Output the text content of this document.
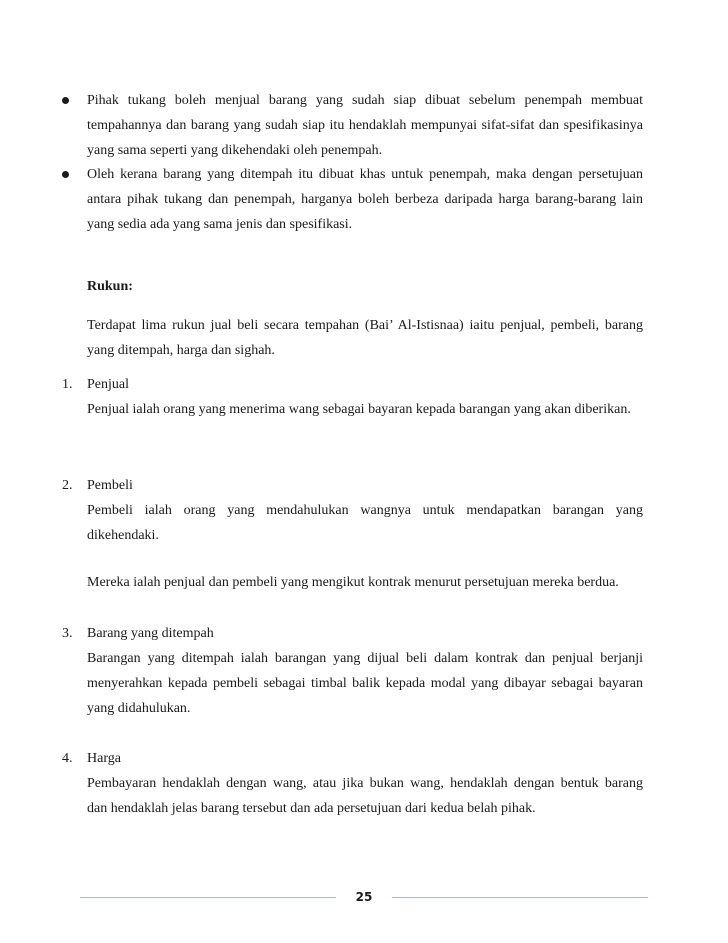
Pihak tukang boleh menjual barang yang sudah siap dibuat sebelum penempah membuat
tempahannya dan barang yang sudah siap itu hendaklah mempunyai sifat-sifat dan spesifikasinya
yang sama seperti yang dikehendaki oleh penempah.
Oleh kerana barang yang ditempah itu dibuat khas untuk penempah, maka dengan persetujuan
antara pihak tukang dan penempah, harganya boleh berbeza daripada harga barang-barang lain
yang sedia ada yang sama jenis dan spesifikasi.
Rukun:
Terdapat lima rukun jual beli secara tempahan (Bai’ Al-Istisnaa) iaitu penjual, pembeli, barang
yang ditempah, harga dan sighah.
1. Penjual
Penjual ialah orang yang menerima wang sebagai bayaran kepada barangan yang akan diberikan.
2. Pembeli
Pembeli ialah orang yang mendahulukan wangnya untuk mendapatkan barangan yang
dikehendaki.
Mereka ialah penjual dan pembeli yang mengikut kontrak menurut persetujuan mereka berdua.
3. Barang yang ditempah
Barangan yang ditempah ialah barangan yang dijual beli dalam kontrak dan penjual berjanji
menyerahkan kepada pembeli sebagai timbal balik kepada modal yang dibayar sebagai bayaran
yang didahulukan.
4. Harga
Pembayaran hendaklah dengan wang, atau jika bukan wang, hendaklah dengan bentuk barang
dan hendaklah jelas barang tersebut dan ada persetujuan dari kedua belah pihak.
25
